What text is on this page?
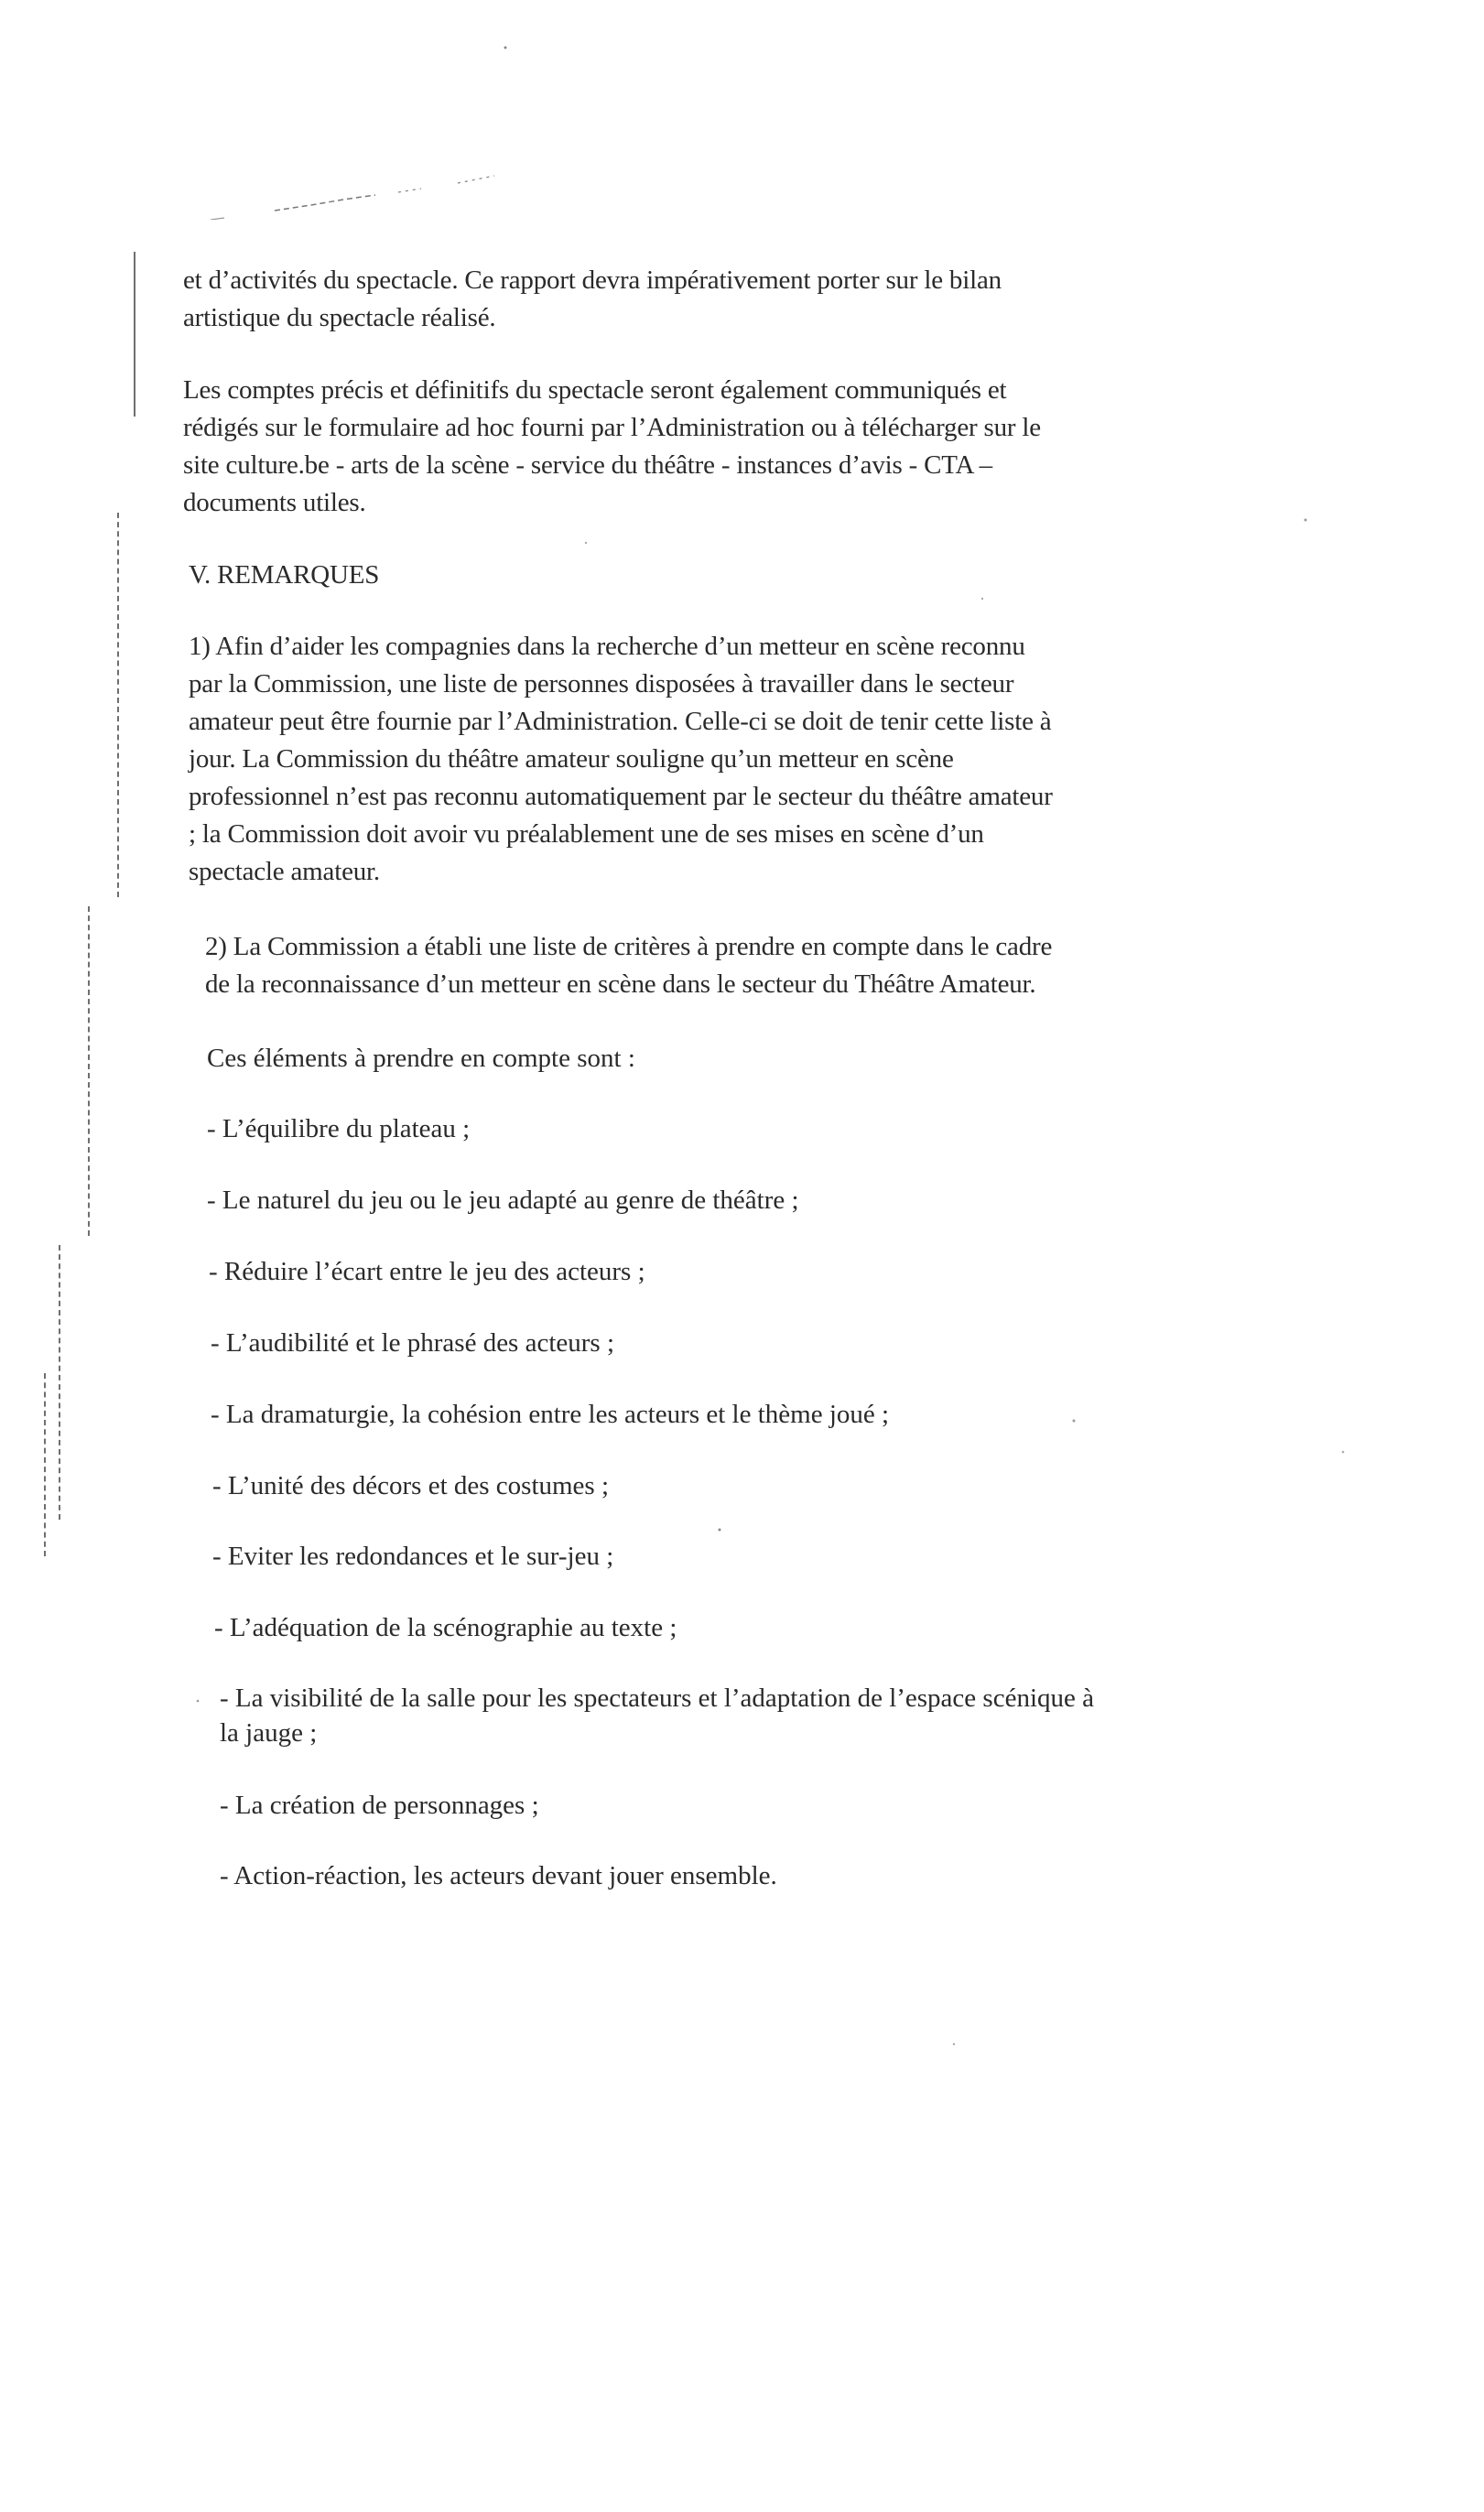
et d’activités du spectacle. Ce rapport devra impérativement porter sur le bilan
artistique du spectacle réalisé.
Les comptes précis et définitifs du spectacle seront également communiqués et
rédigés sur le formulaire ad hoc fourni par l’Administration ou à télécharger sur le
site culture.be - arts de la scène - service du théâtre - instances d’avis - CTA –
documents utiles.
V. REMARQUES
1) Afin d’aider les compagnies dans la recherche d’un metteur en scène reconnu
par la Commission, une liste de personnes disposées à travailler dans le secteur
amateur peut être fournie par l’Administration. Celle-ci se doit de tenir cette liste à
jour. La Commission du théâtre amateur souligne qu’un metteur en scène
professionnel n’est pas reconnu automatiquement par le secteur du théâtre amateur
; la Commission doit avoir vu préalablement une de ses mises en scène d’un
spectacle amateur.
2) La Commission a établi une liste de critères à prendre en compte dans le cadre
de la reconnaissance d’un metteur en scène dans le secteur du Théâtre Amateur.
Ces éléments à prendre en compte sont :
- L’équilibre du plateau ;
- Le naturel du jeu ou le jeu adapté au genre de théâtre ;
- Réduire l’écart entre le jeu des acteurs ;
- L’audibilité et le phrasé des acteurs ;
- La dramaturgie, la cohésion entre les acteurs et le thème joué ;
- L’unité des décors et des costumes ;
- Eviter les redondances et le sur-jeu ;
- L’adéquation de la scénographie au texte ;
- La visibilité de la salle pour les spectateurs et l’adaptation de l’espace scénique à
la jauge ;
- La création de personnages ;
- Action-réaction, les acteurs devant jouer ensemble.
